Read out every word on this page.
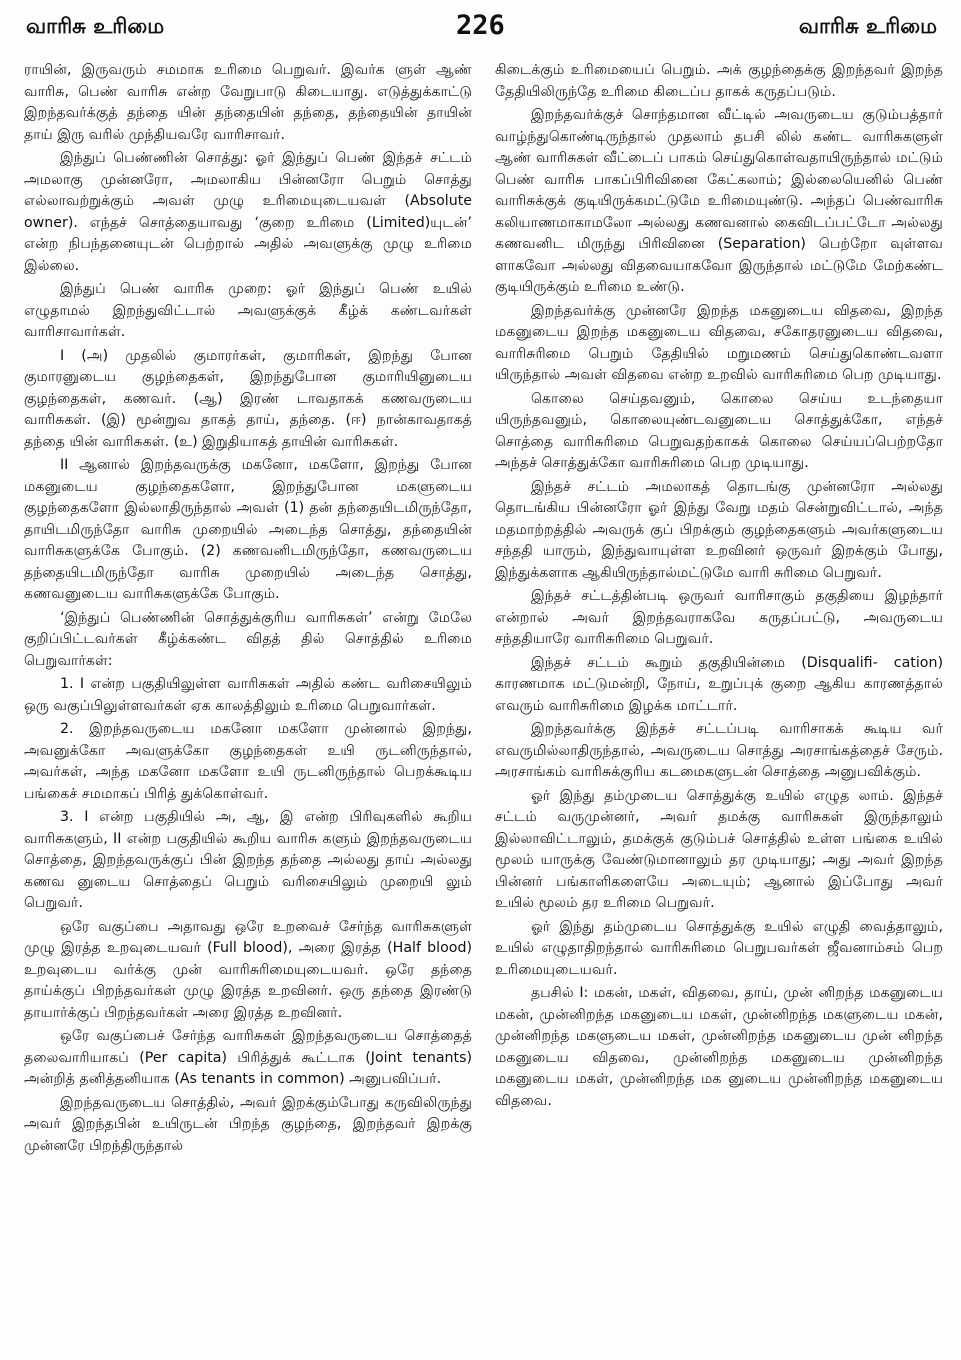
வாரிசு உரிமை	226	வாரிசு உரிமை

ராயின், இருவரும் சமமாக உரிமை பெறுவர். இவர்க ளுள் ஆண் வாரிசு, பெண் வாரிசு என்ற வேறுபாடு கிடையாது. எடுத்துக்காட்டு இறந்தவர்க்குத் தந்தை யின் தந்தையின் தந்தை, தந்தையின் தாயின் தாய் இரு வரில் முந்தியவரே வாரிசாவர்.

இந்துப் பெண்ணின் சொத்து: ஓர் இந்துப் பெண் இந்தச் சட்டம் அமலாகு முன்னரோ, அமலாகிய பின்னரோ பெறும் சொத்து எல்லாவற்றுக்கும் அவள் முழு உரிமையுடையவள் (Absolute owner). எந்தச் சொத்தையாவது ‘குறை உரிமை (Limited)யுடன்’ என்ற நிபந்தனையுடன் பெற்றால் அதில் அவளுக்கு முழு உரிமை இல்லை.

இந்துப் பெண் வாரிசு முறை: ஓர் இந்துப் பெண் உயில் எழுதாமல் இறந்துவிட்டால் அவளுக்குக் கீழ்க் கண்டவர்கள் வாரிசாவார்கள்.

I (அ) முதலில் குமாரர்கள், குமாரிகள், இறந்து போன குமாரனுடைய குழந்தைகள், இறந்துபோன குமாரியினுடைய குழந்தைகள், கணவர். (ஆ) இரண் டாவதாகக் கணவருடைய வாரிசுகள். (இ) மூன்றுவ தாகத் தாய், தந்தை. (ஈ) நான்காவதாகத் தந்தை யின் வாரிசுகள். (உ) இறுதியாகத் தாயின் வாரிசுகள்.

II ஆனால் இறந்தவருக்கு மகனோ, மகளோ, இறந்து போன மகனுடைய குழந்தைகளோ, இறந்துபோன மகளுடைய குழந்தைகளோ இல்லாதிருந்தால் அவள் (1) தன் தந்தையிடமிருந்தோ, தாயிடமிருந்தோ வாரிசு முறையில் அடைந்த சொத்து, தந்தையின் வாரிசுகளுக்கே போகும். (2) கணவனிடமிருந்தோ, கணவருடைய தந்தையிடமிருந்தோ வாரிசு முறையில் அடைந்த சொத்து, கணவனுடைய வாரிசுகளுக்கே போகும்.

‘இந்துப் பெண்ணின் சொத்துக்குரிய வாரிசுகள்’ என்று மேலே குறிப்பிட்டவர்கள் கீழ்க்கண்ட விதத் தில் சொத்தில் உரிமை பெறுவார்கள்:

1. I என்ற பகுதியிலுள்ள வாரிசுகள் அதில் கண்ட வரிசையிலும் ஒரு வகுப்பிலுள்ளவர்கள் ஏக காலத்திலும் உரிமை பெறுவார்கள்.

2. இறந்தவருடைய மகனோ மகளோ முன்னால் இறந்து, அவனுக்கோ அவளுக்கோ குழந்தைகள் உயி ருடனிருந்தால், அவர்கள், அந்த மகனோ மகளோ உயி ருடனிருந்தால் பெறக்கூடிய பங்கைச் சமமாகப் பிரித் துக்கொள்வர்.

3. I என்ற பகுதியில் அ, ஆ, இ என்ற பிரிவுகளில் கூறிய வாரிசுகளும், II என்ற பகுதியில் கூறிய வாரிசு களும் இறந்தவருடைய சொத்தை, இறந்தவருக்குப் பின் இறந்த தந்தை அல்லது தாய் அல்லது கணவ னுடைய சொத்தைப் பெறும் வரிசையிலும் முறையி லும் பெறுவர்.

ஒரே வகுப்பை அதாவது ஒரே உறவைச் சேர்ந்த வாரிசுகளுள் முழு இரத்த உறவுடையவர் (Full blood), அரை இரத்த (Half blood) உறவுடைய வர்க்கு முன் வாரிசுரிமையுடையவர். ஒரே தந்தை தாய்க்குப் பிறந்தவர்கள் முழு இரத்த உறவினர். ஒரு தந்தை இரண்டு தாயார்க்குப் பிறந்தவர்கள் அரை இரத்த உறவினர்.

ஒரே வகுப்பைச் சேர்ந்த வாரிசுகள் இறந்தவருடைய சொத்தைத் தலைவாரியாகப் (Per capita) பிரித்துக் கூட்டாக (Joint tenants) அன்றித் தனித்தனியாக (As tenants in common) அனுபவிப்பர்.

இறந்தவருடைய சொத்தில், அவர் இறக்கும்போது கருவிலிருந்து அவர் இறந்தபின் உயிருடன் பிறந்த குழந்தை, இறந்தவர் இறக்கு முன்னரே பிறந்திருந்தால்

கிடைக்கும் உரிமையைப் பெறும். அக் குழந்தைக்கு இறந்தவர் இறந்த தேதியிலிருந்தே உரிமை கிடைப்ப தாகக் கருதப்படும்.

இறந்தவர்க்குச் சொந்தமான வீட்டில் அவருடைய குடும்பத்தார் வாழ்ந்துகொண்டிருந்தால் முதலாம் தபசி லில் கண்ட வாரிசுகளுள் ஆண் வாரிசுகள் வீட்டைப் பாகம் செய்துகொள்வதாயிருந்தால் மட்டும் பெண் வாரிசு பாகப்பிரிவினை கேட்கலாம்; இல்லையெனில் பெண் வாரிசுக்குக் குடியிருக்கமட்டுமே உரிமையுண்டு. அந்தப் பெண்வாரிசு கலியாணமாகாமலோ அல்லது கணவனால் கைவிடப்பட்டோ அல்லது கணவனிட மிருந்து பிரிவினை (Separation) பெற்றோ வுள்ளவ ளாகவோ அல்லது விதவையாகவோ இருந்தால் மட்டுமே மேற்கண்ட குடியிருக்கும் உரிமை உண்டு.

இறந்தவர்க்கு முன்னரே இறந்த மகனுடைய விதவை, இறந்த மகனுடைய இறந்த மகனுடைய விதவை, சகோதரனுடைய விதவை, வாரிசுரிமை பெறும் தேதியில் மறுமணம் செய்துகொண்டவளா யிருந்தால் அவள் விதவை என்ற உறவில் வாரிசுரிமை பெற முடியாது.

கொலை செய்தவனும், கொலை செய்ய உடந்தையா யிருந்தவனும், கொலையுண்டவனுடைய சொத்துக்கோ, எந்தச் சொத்தை வாரிசுரிமை பெறுவதற்காகக் கொலை செய்யப்பெற்றதோ அந்தச் சொத்துக்கோ வாரிசுரிமை பெற முடியாது.

இந்தச் சட்டம் அமலாகத் தொடங்கு முன்னரோ அல்லது தொடங்கிய பின்னரோ ஓர் இந்து வேறு மதம் சென்றுவிட்டால், அந்த மதமாற்றத்தில் அவருக் குப் பிறக்கும் குழந்தைகளும் அவர்களுடைய சந்ததி யாரும், இந்துவாயுள்ள உறவினர் ஒருவர் இறக்கும் போது, இந்துக்களாக ஆகியிருந்தால்மட்டுமே வாரி சுரிமை பெறுவர்.

இந்தச் சட்டத்தின்படி ஒருவர் வாரிசாகும் தகுதியை இழந்தார் என்றால் அவர் இறந்தவராகவே கருதப்பட்டு, அவருடைய சந்ததியாரே வாரிசுரிமை பெறுவர்.

இந்தச் சட்டம் கூறும் தகுதியின்மை (Disqualifi- cation) காரணமாக மட்டுமன்றி, நோய், உறுப்புக் குறை ஆகிய காரணத்தால் எவரும் வாரிசுரிமை இழக்க மாட்டார்.

இறந்தவர்க்கு இந்தச் சட்டப்படி வாரிசாகக் கூடிய வர் எவருமில்லாதிருந்தால், அவருடைய சொத்து அரசாங்கத்தைச் சேரும். அரசாங்கம் வாரிசுக்குரிய கடமைகளுடன் சொத்தை அனுபவிக்கும்.

ஓர் இந்து தம்முடைய சொத்துக்கு உயில் எழுத லாம். இந்தச் சட்டம் வருமுன்னர், அவர் தமக்கு வாரிசுகள் இருந்தாலும் இல்லாவிட்டாலும், தமக்குக் குடும்பச் சொத்தில் உள்ள பங்கை உயில் மூலம் யாருக்கு வேண்டுமானாலும் தர முடியாது; அது அவர் இறந்த பின்னர் பங்காளிகளையே அடையும்; ஆனால் இப்போது அவர் உயில் மூலம் தர உரிமை பெறுவர்.

ஓர் இந்து தம்முடைய சொத்துக்கு உயில் எழுதி வைத்தாலும், உயில் எழுதாதிறந்தால் வாரிசுரிமை பெறுபவர்கள் ஜீவனாம்சம் பெற உரிமையுடையவர்.

தபசில் I: மகன், மகள், விதவை, தாய், முன் னிறந்த மகனுடைய மகன், முன்னிறந்த மகனுடைய மகள், முன்னிறந்த மகளுடைய மகன், முன்னிறந்த மகளுடைய மகள், முன்னிறந்த மகனுடைய முன் னிறந்த மகனுடைய விதவை, முன்னிறந்த மகனுடைய முன்னிறந்த மகனுடைய மகள், முன்னிறந்த மக னுடைய முன்னிறந்த மகனுடைய விதவை.
